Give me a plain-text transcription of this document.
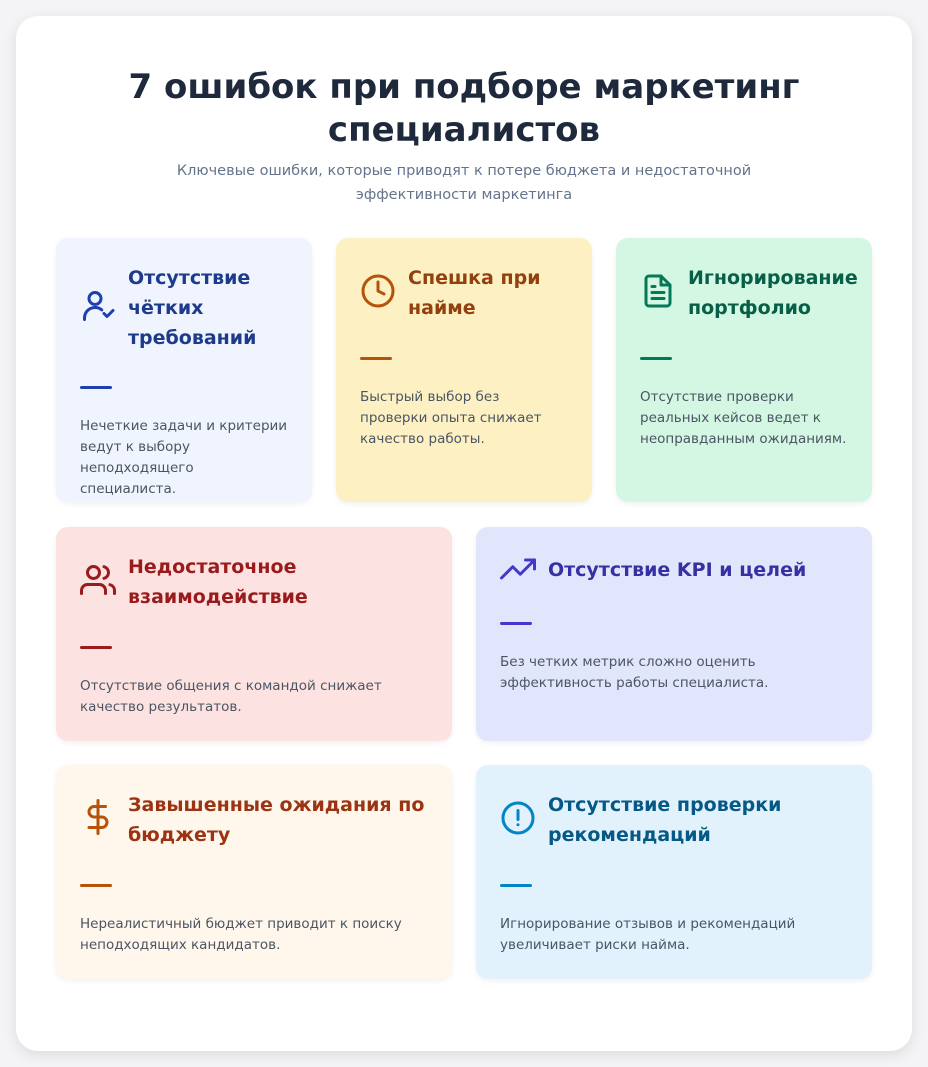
7 ошибок при подборе маркетинг специалистов

Ключевые ошибки, которые приводят к потере бюджета и недостаточной эффективности маркетинга

Отсутствие чётких требований
Нечеткие задачи и критерии ведут к выбору неподходящего специалиста.
Спешка при найме
Быстрый выбор без проверки опыта снижает качество работы.
Игнорирование портфолио
Отсутствие проверки реальных кейсов ведет к неоправданным ожиданиям.
Недостаточное взаимодействие
Отсутствие общения с командой снижает качество результатов.
Отсутствие KPI и целей
Без четких метрик сложно оценить эффективность работы специалиста.
Завышенные ожидания по бюджету
Нереалистичный бюджет приводит к поиску неподходящих кандидатов.
Отсутствие проверки рекомендаций
Игнорирование отзывов и рекомендаций увеличивает риски найма.
